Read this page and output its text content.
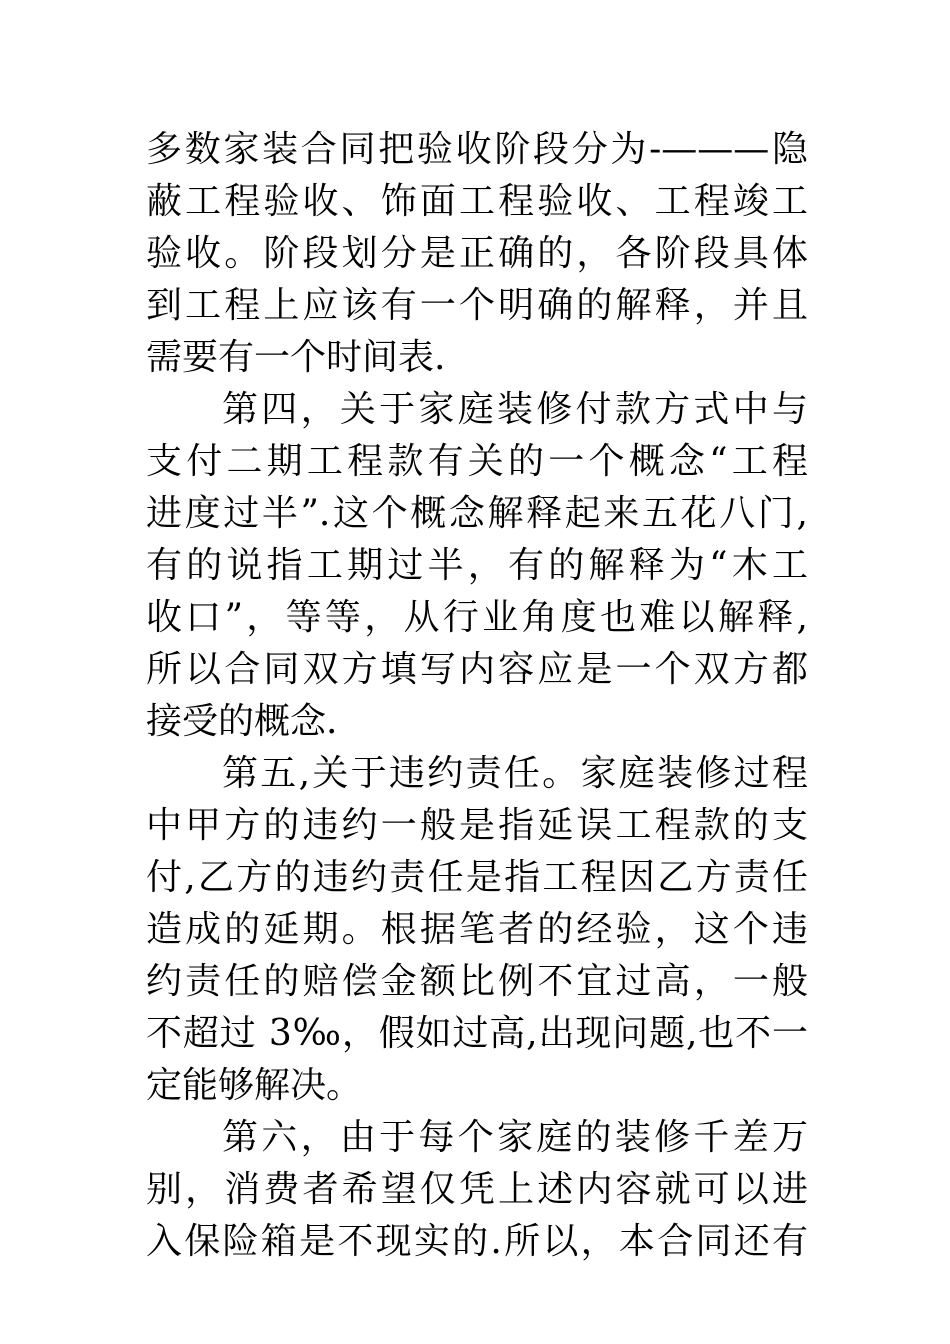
多数家装合同把验收阶段分为-———隐
蔽工程验收、饰面工程验收、工程竣工
验收。阶段划分是正确的，各阶段具体
到工程上应该有一个明确的解释，并且
需要有一个时间表.
第四，关于家庭装修付款方式中与
支付二期工程款有关的一个概念“工程
进度过半”.这个概念解释起来五花八门,
有的说指工期过半，有的解释为“木工
收口”，等等，从行业角度也难以解释,
所以合同双方填写内容应是一个双方都
接受的概念.
第五,关于违约责任。家庭装修过程
中甲方的违约一般是指延误工程款的支
付,乙方的违约责任是指工程因乙方责任
造成的延期。根据笔者的经验，这个违
约责任的赔偿金额比例不宜过高，一般
不超过 3‰，假如过高,出现问题,也不一
定能够解决。
第六，由于每个家庭的装修千差万
别，消费者希望仅凭上述内容就可以进
入保险箱是不现实的.所以，本合同还有
